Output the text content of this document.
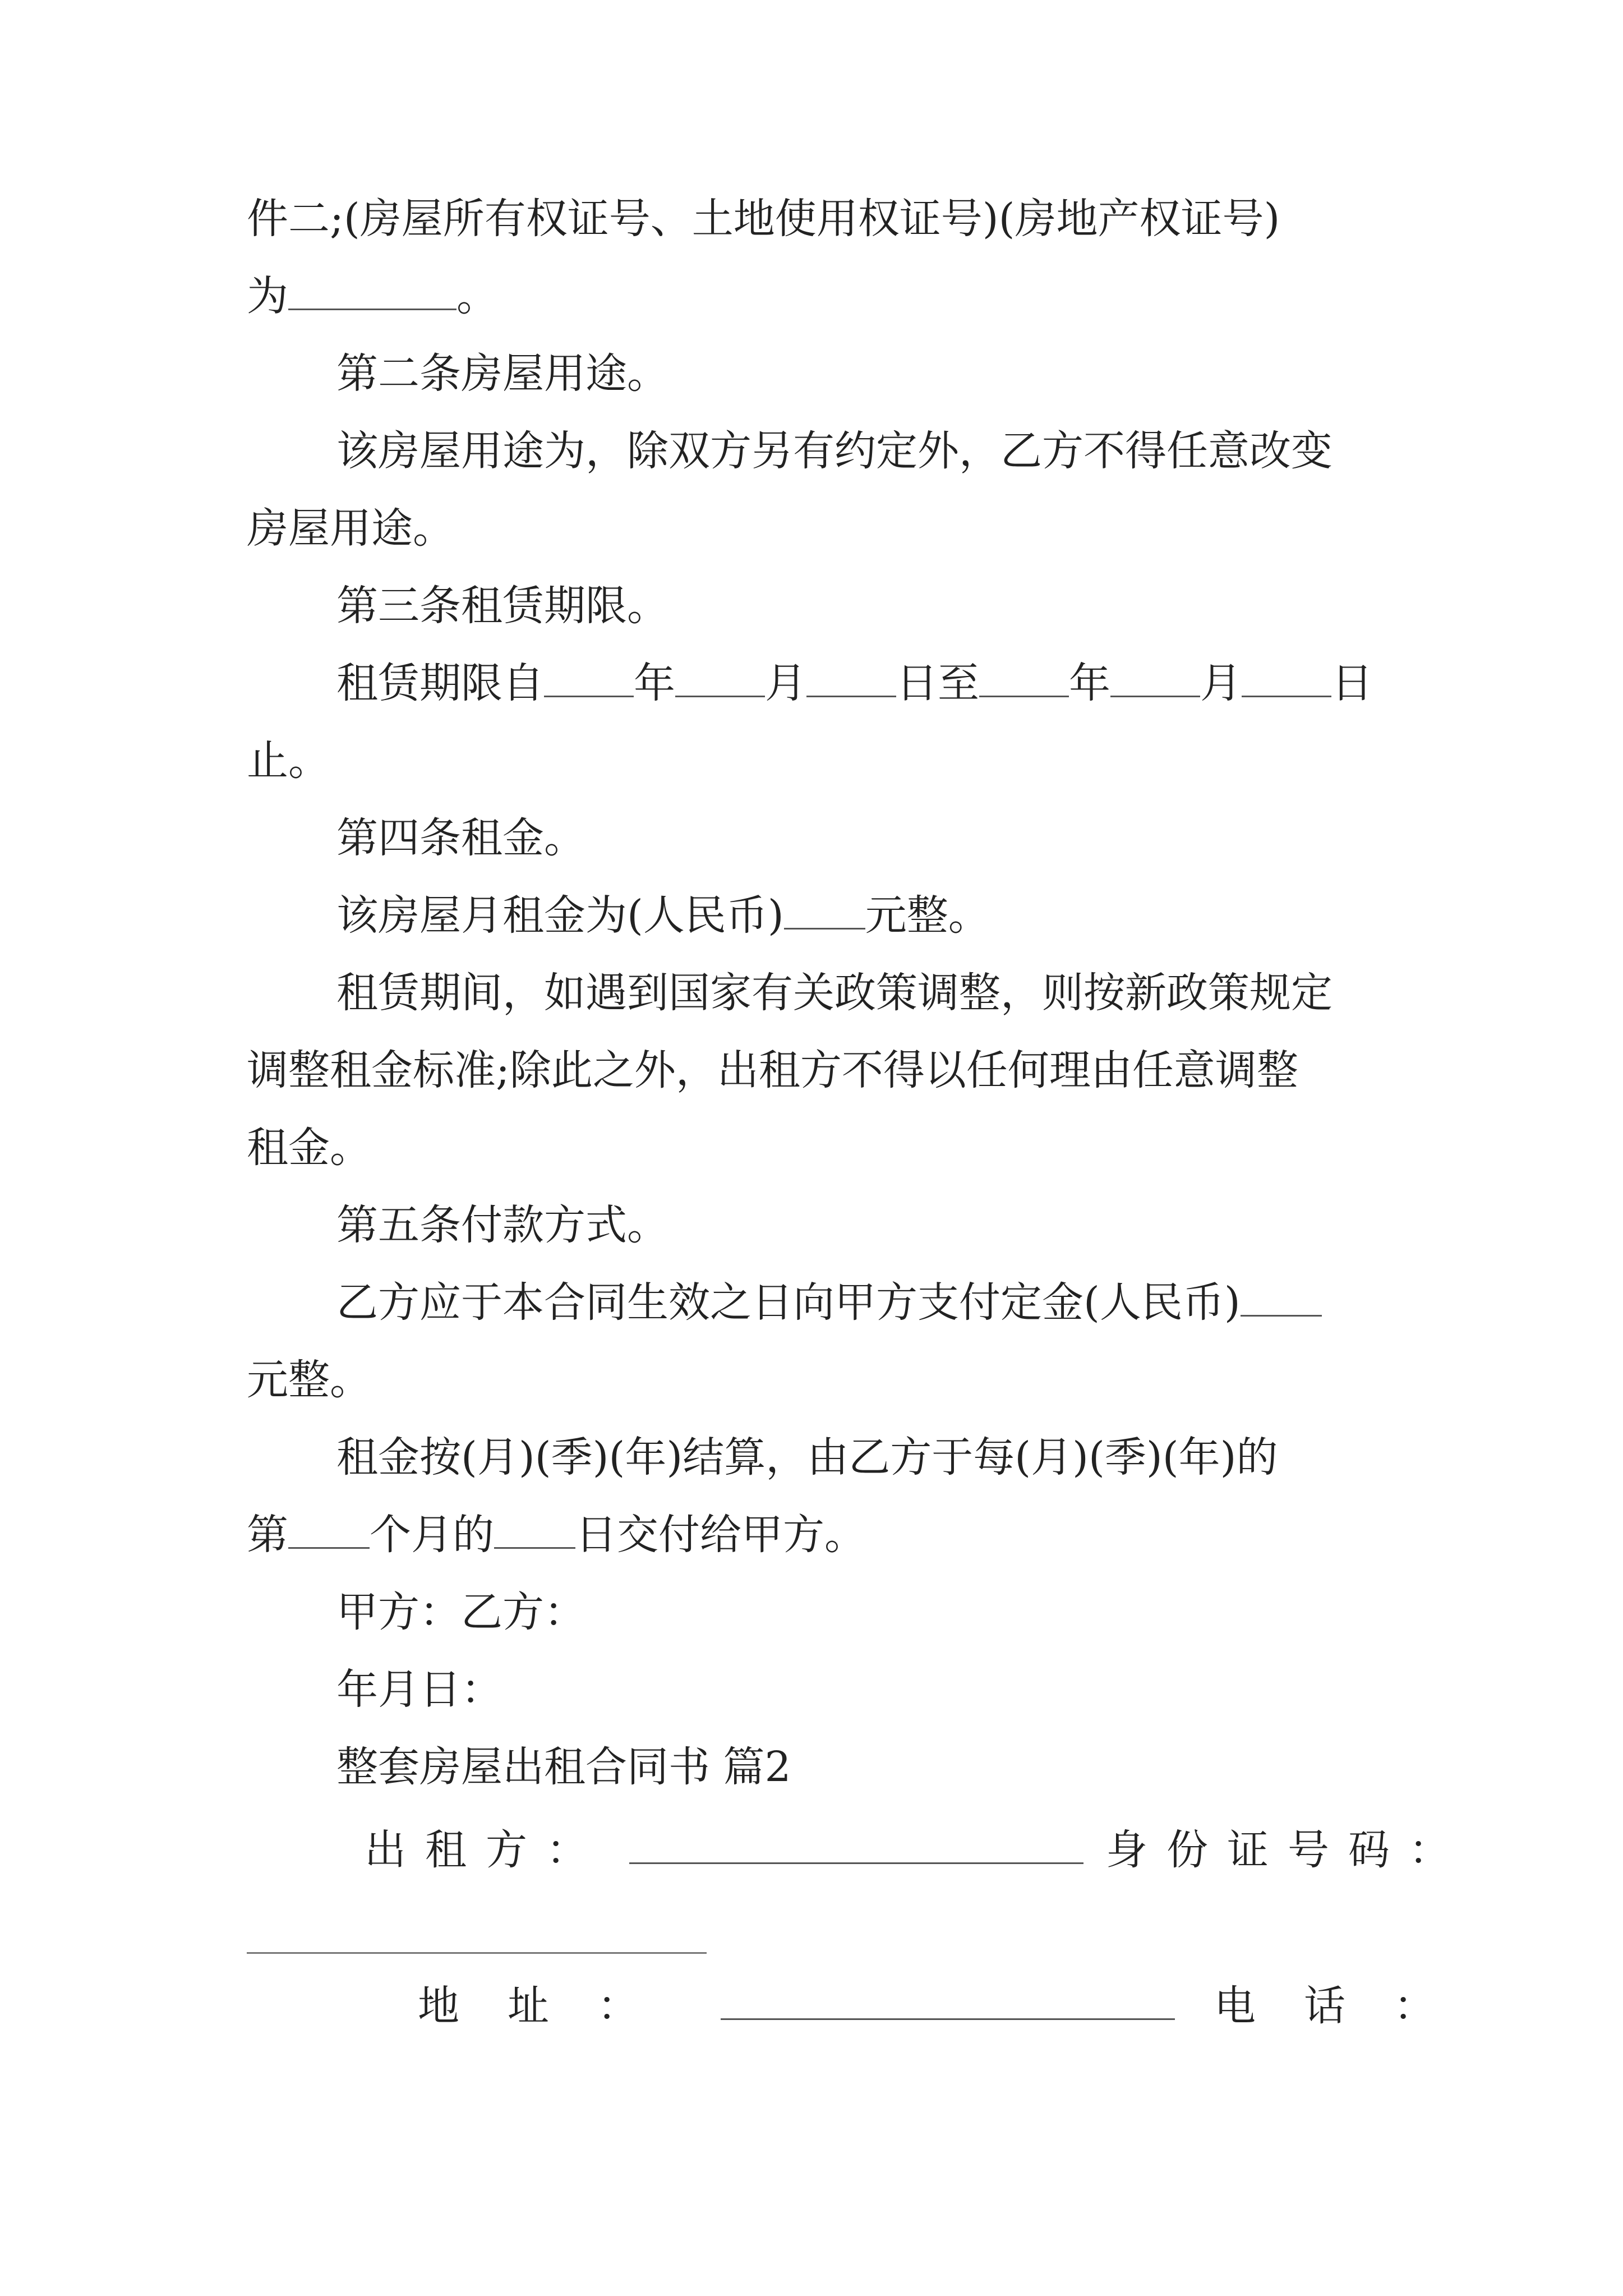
件二;(房屋所有权证号、土地使用权证号)(房地产权证号)
为	。
第二条房屋用途。
该房屋用途为，除双方另有约定外，乙方不得任意改变
房屋用途。
第三条租赁期限。
租赁期限自 年 月 日至 年 月 日
止。
第四条租金。
该房屋月租金为(人民币) 元整。
租赁期间，如遇到国家有关政策调整，则按新政策规定
调整租金标准;除此之外，出租方不得以任何理由任意调整
租金。
第五条付款方式。
乙方应于本合同生效之日向甲方支付定金(人民币)
元整。
租金按(月)(季)(年)结算，由乙方于每(月)(季)(年)的
第 个月的 日交付给甲方。
甲方：乙方：
年月日：
整套房屋出租合同书 篇2
出租方：	身份证号码：
地址：	电话：
